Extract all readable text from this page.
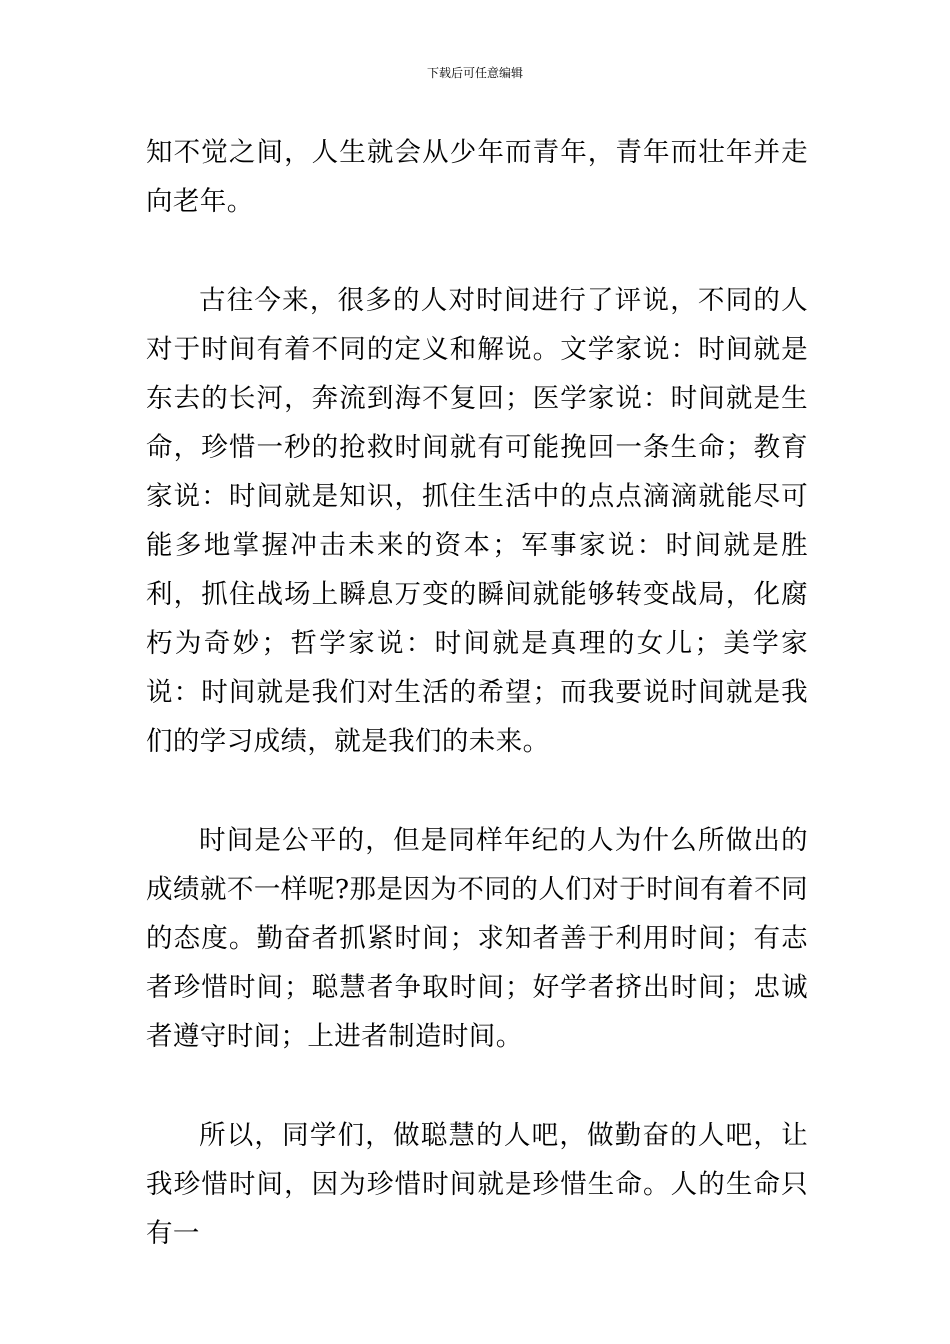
下载后可任意编辑

知不觉之间，人生就会从少年而青年，青年而壮年并走向老年。

古往今来，很多的人对时间进行了评说，不同的人对于时间有着不同的定义和解说。文学家说：时间就是东去的长河，奔流到海不复回；医学家说：时间就是生命，珍惜一秒的抢救时间就有可能挽回一条生命；教育家说：时间就是知识，抓住生活中的点点滴滴就能尽可能多地掌握冲击未来的资本；军事家说：时间就是胜利，抓住战场上瞬息万变的瞬间就能够转变战局，化腐朽为奇妙；哲学家说：时间就是真理的女儿；美学家说：时间就是我们对生活的希望；而我要说时间就是我们的学习成绩，就是我们的未来。

时间是公平的，但是同样年纪的人为什么所做出的成绩就不一样呢?那是因为不同的人们对于时间有着不同的态度。勤奋者抓紧时间；求知者善于利用时间；有志者珍惜时间；聪慧者争取时间；好学者挤出时间；忠诚者遵守时间；上进者制造时间。

所以，同学们，做聪慧的人吧，做勤奋的人吧，让我珍惜时间，因为珍惜时间就是珍惜生命。人的生命只有一
